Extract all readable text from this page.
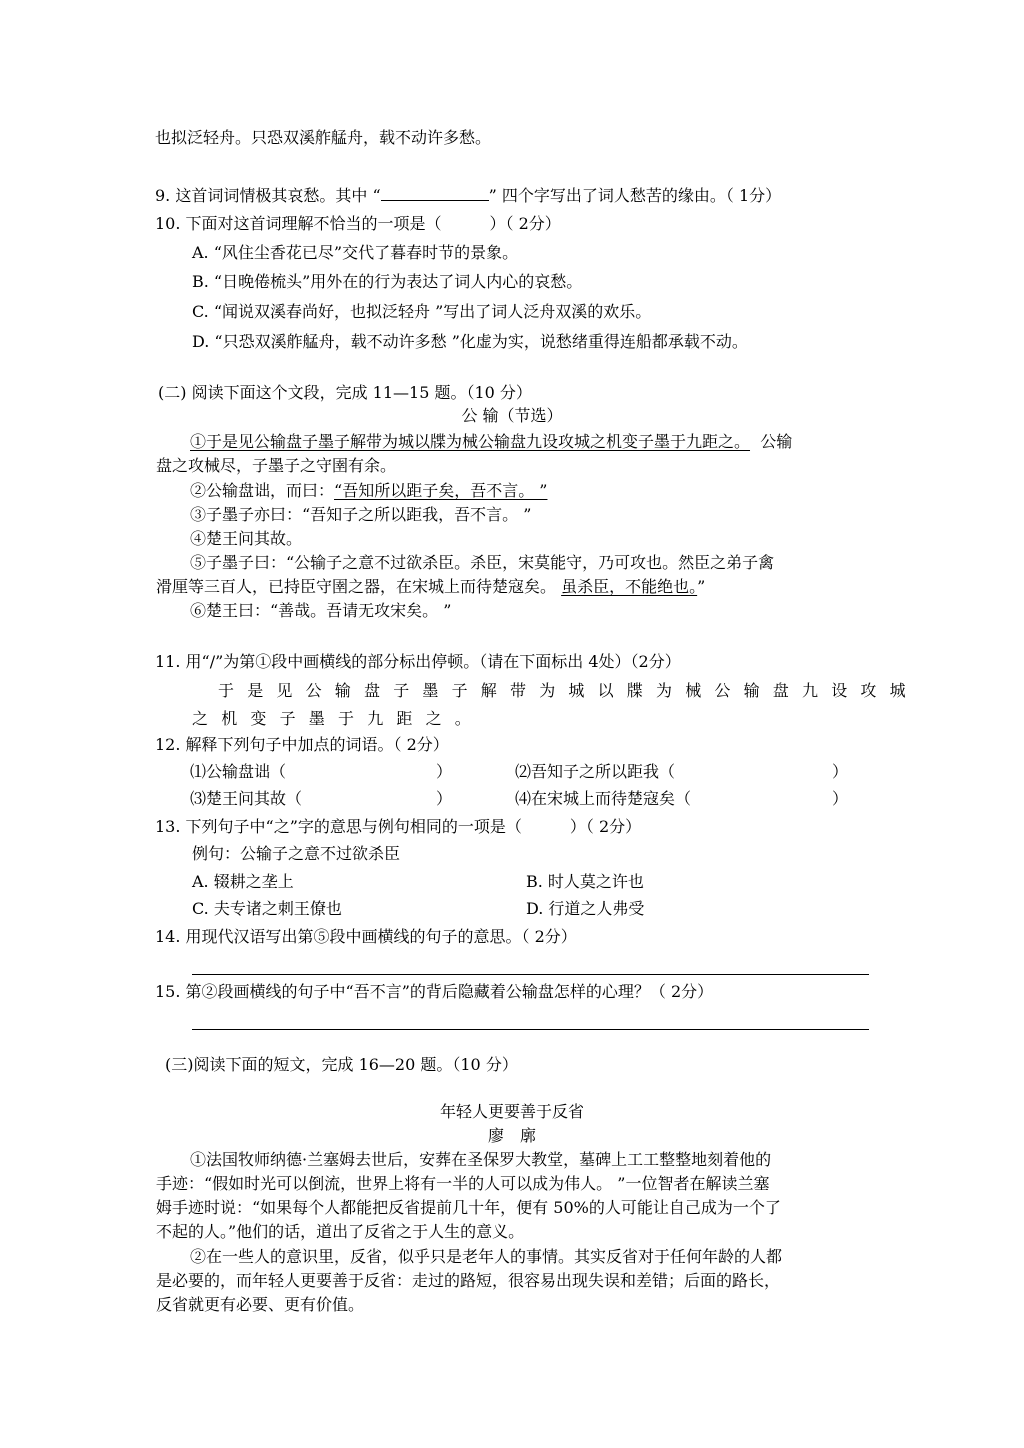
也拟泛轻舟。只恐双溪舴艋舟，载不动许多愁。
9. 这首词词情极其哀愁。其中 “	” 四个字写出了词人愁苦的缘由。（ 1分）
10. 下面对这首词理解不恰当的一项是（　　　）（ 2分）
A. “风住尘香花已尽”交代了暮春时节的景象。
B. “日晚倦梳头”用外在的行为表达了词人内心的哀愁。
C. “闻说双溪春尚好，也拟泛轻舟 ”写出了词人泛舟双溪的欢乐。
D. “只恐双溪舴艋舟，载不动许多愁 ”化虚为实，说愁绪重得连船都承载不动。
(二) 阅读下面这个文段，完成 11—15 题。（10 分）
公 输（节选）
①于是见公输盘子墨子解带为城以牒为械公输盘九设攻城之机变子墨于九距之。 公输
盘之攻械尽，子墨子之守圉有余。
②公输盘诎，而曰：“吾知所以距子矣，吾不言。 ”
③子墨子亦曰：“吾知子之所以距我，吾不言。 ”
④楚王问其故。
⑤子墨子曰：“公输子之意不过欲杀臣。杀臣，宋莫能守，乃可攻也。然臣之弟子禽
滑厘等三百人，已持臣守圉之器，在宋城上而待楚寇矣。 虽杀臣，不能绝也。”
⑥楚王曰：“善哉。吾请无攻宋矣。 ”
11. 用“/”为第①段中画横线的部分标出停顿。（请在下面标出 4处）（2分）
于是见公输盘子墨子解带为城以牒为械公输盘九设攻城
之机变子墨于九距之。
12. 解释下列句子中加点的词语。（ 2分）
⑴公输盘诎（	）	⑵吾知子之所以距我（	）
⑶楚王问其故（	）	⑷在宋城上而待楚寇矣（	）
13. 下列句子中“之”字的意思与例句相同的一项是（　　　）（ 2分）
例句：公输子之意不过欲杀臣
A. 辍耕之垄上	B. 时人莫之许也
C. 夫专诸之刺王僚也	D. 行道之人弗受
14. 用现代汉语写出第⑤段中画横线的句子的意思。（ 2分）
15. 第②段画横线的句子中“吾不言”的背后隐藏着公输盘怎样的心理？（ 2分）
(三)阅读下面的短文，完成 16—20 题。（10 分）
年轻人更要善于反省
廖　廓
①法国牧师纳德·兰塞姆去世后，安葬在圣保罗大教堂，墓碑上工工整整地刻着他的
手迹：“假如时光可以倒流，世界上将有一半的人可以成为伟人。 ”一位智者在解读兰塞
姆手迹时说：“如果每个人都能把反省提前几十年，便有 50%的人可能让自己成为一个了
不起的人。”他们的话，道出了反省之于人生的意义。
②在一些人的意识里，反省，似乎只是老年人的事情。其实反省对于任何年龄的人都
是必要的，而年轻人更要善于反省：走过的路短，很容易出现失误和差错；后面的路长，
反省就更有必要、更有价值。
